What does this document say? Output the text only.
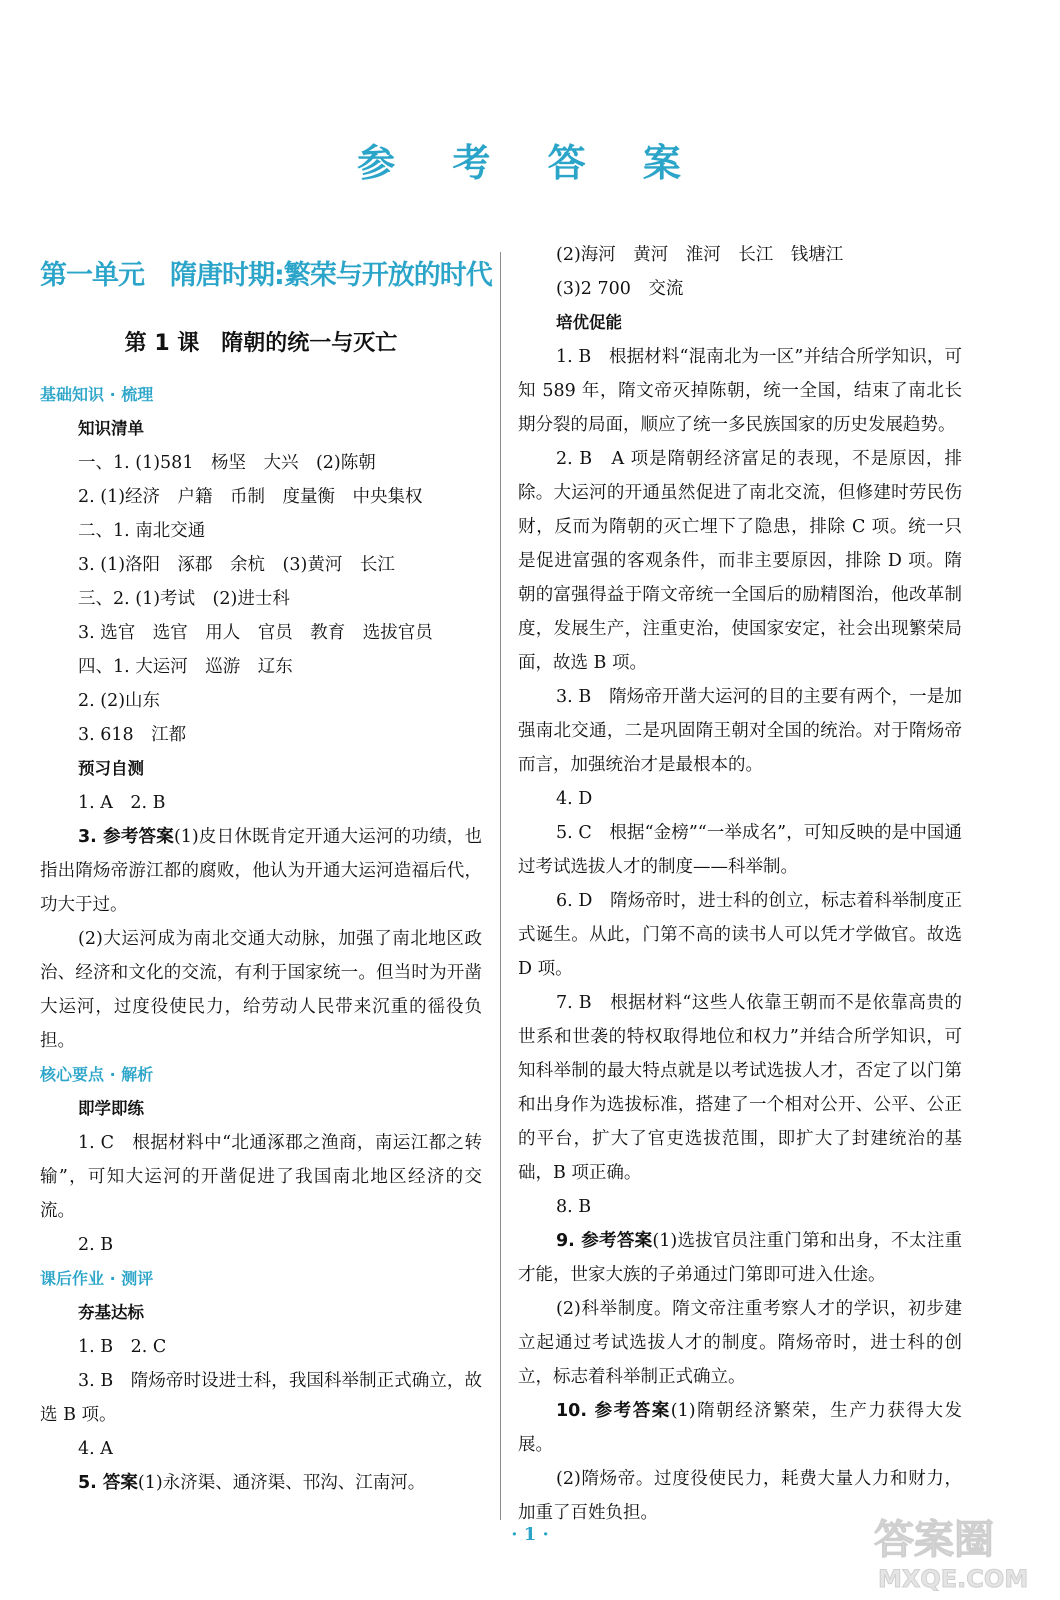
参 考 答 案
第一单元　隋唐时期:繁荣与开放的时代
第 1 课　隋朝的统一与灭亡
基础知识 · 梳理
知识清单
一、1. (1)581　杨坚　大兴　(2)陈朝
2. (1)经济　户籍　币制　度量衡　中央集权
二、1. 南北交通
3. (1)洛阳　涿郡　余杭　(3)黄河　长江
三、2. (1)考试　(2)进士科
3. 选官　选官　用人　官员　教育　选拔官员
四、1. 大运河　巡游　辽东
2. (2)山东
3. 618　江都
预习自测
1. A　2. B
3. 参考答案(1)皮日休既肯定开通大运河的功绩，也指出隋炀帝游江都的腐败，他认为开通大运河造福后代，功大于过。
(2)大运河成为南北交通大动脉，加强了南北地区政治、经济和文化的交流，有利于国家统一。但当时为开凿大运河，过度役使民力，给劳动人民带来沉重的徭役负担。
核心要点 · 解析
即学即练
1. C　根据材料中“北通涿郡之渔商，南运江都之转输”，可知大运河的开凿促进了我国南北地区经济的交流。
2. B
课后作业 · 测评
夯基达标
1. B　2. C
3. B　隋炀帝时设进士科，我国科举制正式确立，故选 B 项。
4. A
5. 答案(1)永济渠、通济渠、邗沟、江南河。
(2)海河　黄河　淮河　长江　钱塘江
(3)2 700　交流
培优促能
1. B　根据材料“混南北为一区”并结合所学知识，可知 589 年，隋文帝灭掉陈朝，统一全国，结束了南北长期分裂的局面，顺应了统一多民族国家的历史发展趋势。
2. B　A 项是隋朝经济富足的表现，不是原因，排除。大运河的开通虽然促进了南北交流，但修建时劳民伤财，反而为隋朝的灭亡埋下了隐患，排除 C 项。统一只是促进富强的客观条件，而非主要原因，排除 D 项。隋朝的富强得益于隋文帝统一全国后的励精图治，他改革制度，发展生产，注重吏治，使国家安定，社会出现繁荣局面，故选 B 项。
3. B　隋炀帝开凿大运河的目的主要有两个，一是加强南北交通，二是巩固隋王朝对全国的统治。对于隋炀帝而言，加强统治才是最根本的。
4. D
5. C　根据“金榜”“一举成名”，可知反映的是中国通过考试选拔人才的制度——科举制。
6. D　隋炀帝时，进士科的创立，标志着科举制度正式诞生。从此，门第不高的读书人可以凭才学做官。故选 D 项。
7. B　根据材料“这些人依靠王朝而不是依靠高贵的世系和世袭的特权取得地位和权力”并结合所学知识，可知科举制的最大特点就是以考试选拔人才，否定了以门第和出身作为选拔标准，搭建了一个相对公开、公平、公正的平台，扩大了官吏选拔范围，即扩大了封建统治的基础，B 项正确。
8. B
9. 参考答案(1)选拔官员注重门第和出身，不太注重才能，世家大族的子弟通过门第即可进入仕途。
(2)科举制度。隋文帝注重考察人才的学识，初步建立起通过考试选拔人才的制度。隋炀帝时，进士科的创立，标志着科举制正式确立。
10. 参考答案(1)隋朝经济繁荣，生产力获得大发展。
(2)隋炀帝。过度役使民力，耗费大量人力和财力，加重了百姓负担。
· 1 ·	答案圈
MXQE.COM
